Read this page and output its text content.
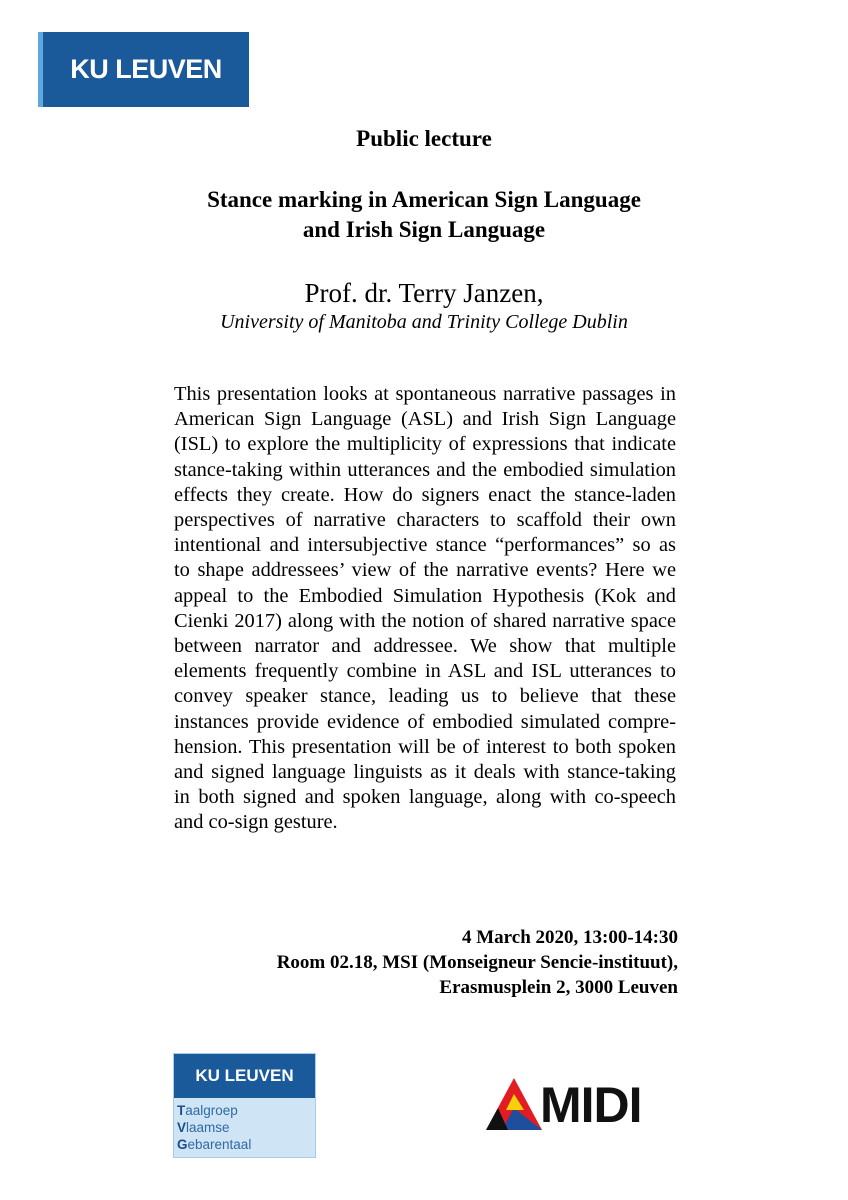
KU LEUVEN
Public lecture
Stance marking in American Sign Language
and Irish Sign Language
Prof. dr. Terry Janzen,
University of Manitoba and Trinity College Dublin
This presentation looks at spontaneous narrative passages in American Sign Language (ASL) and Irish Sign Language (ISL) to explore the multiplicity of expressions that indicate stance-taking within utterances and the embodied simulation effects they create. How do signers enact the stance-laden perspectives of narrative characters to scaffold their own intentional and intersubjective stance “performances” so as to shape addressees’ view of the narrative events? Here we appeal to the Embodied Simulation Hypothesis (Kok and Cienki 2017) along with the notion of shared narrative space between narrator and addressee. We show that multiple elements frequently combine in ASL and ISL utterances to convey speaker stance, leading us to believe that these instances provide evidence of embodied simulated comprehension. This presentation will be of interest to both spoken and signed language linguists as it deals with stance-taking in both signed and spoken language, along with co-speech and co-sign gesture.
4 March 2020, 13:00-14:30
Room 02.18, MSI (Monseigneur Sencie-instituut),
Erasmusplein 2, 3000 Leuven
KU LEUVEN
Taalgroep
Vlaamse
Gebarentaal
MIDI
